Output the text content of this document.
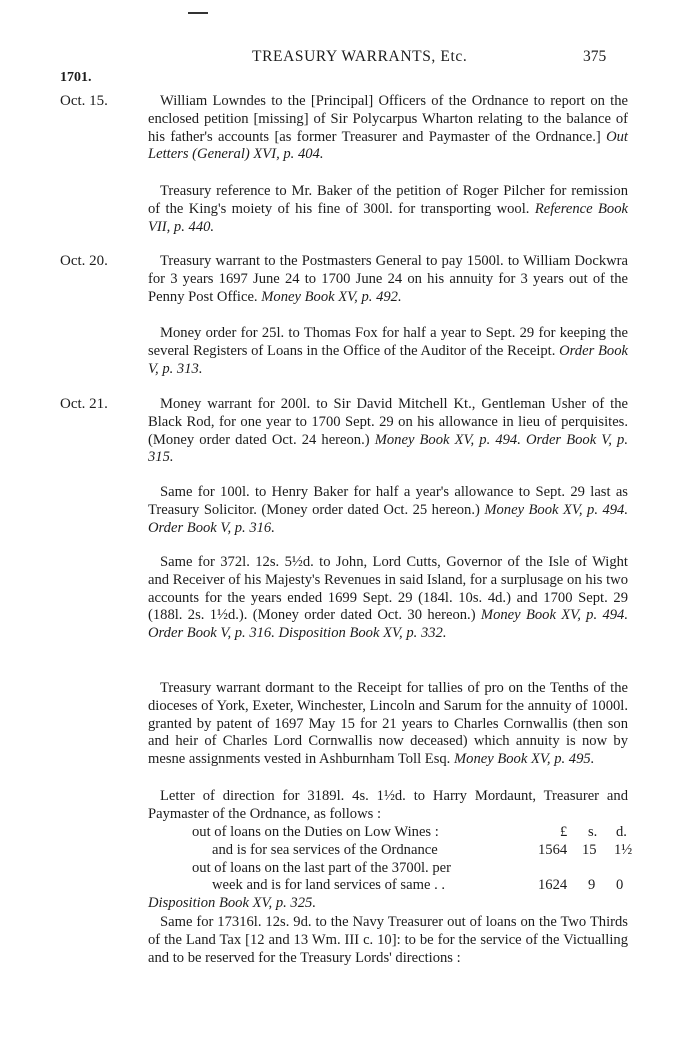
TREASURY WARRANTS, Etc.	375
1701.
Oct. 15.	William Lowndes to the [Principal] Officers of the Ordnance to report on the enclosed petition [missing] of Sir Polycarpus Wharton relating to the balance of his father's accounts [as former Treasurer and Paymaster of the Ordnance.] Out Letters (General) XVI, p. 404.
Treasury reference to Mr. Baker of the petition of Roger Pilcher for remission of the King's moiety of his fine of 300l. for transporting wool. Reference Book VII, p. 440.
Oct. 20.	Treasury warrant to the Postmasters General to pay 1500l. to William Dockwra for 3 years 1697 June 24 to 1700 June 24 on his annuity for 3 years out of the Penny Post Office. Money Book XV, p. 492.
Money order for 25l. to Thomas Fox for half a year to Sept. 29 for keeping the several Registers of Loans in the Office of the Auditor of the Receipt. Order Book V, p. 313.
Oct. 21.	Money warrant for 200l. to Sir David Mitchell Kt., Gentleman Usher of the Black Rod, for one year to 1700 Sept. 29 on his allowance in lieu of perquisites. (Money order dated Oct. 24 hereon.) Money Book XV, p. 494. Order Book V, p. 315.
Same for 100l. to Henry Baker for half a year's allowance to Sept. 29 last as Treasury Solicitor. (Money order dated Oct. 25 hereon.) Money Book XV, p. 494. Order Book V, p. 316.
Same for 372l. 12s. 5½d. to John, Lord Cutts, Governor of the Isle of Wight and Receiver of his Majesty's Revenues in said Island, for a surplusage on his two accounts for the years ended 1699 Sept. 29 (184l. 10s. 4d.) and 1700 Sept. 29 (188l. 2s. 1½d.). (Money order dated Oct. 30 hereon.) Money Book XV, p. 494. Order Book V, p. 316. Disposition Book XV, p. 332.
Treasury warrant dormant to the Receipt for tallies of pro on the Tenths of the dioceses of York, Exeter, Winchester, Lincoln and Sarum for the annuity of 1000l. granted by patent of 1697 May 15 for 21 years to Charles Cornwallis (then son and heir of Charles Lord Cornwallis now deceased) which annuity is now by mesne assignments vested in Ashburnham Toll Esq. Money Book XV, p. 495.
Letter of direction for 3189l. 4s. 1½d. to Harry Mordaunt, Treasurer and Paymaster of the Ordnance, as follows :
out of loans on the Duties on Low Wines :	£ s. d.
and is for sea services of the Ordnance	1564 15 1½
out of loans on the last part of the 3700l. per
week and is for land services of same . .	1624 9 0
Disposition Book XV, p. 325.
Same for 17316l. 12s. 9d. to the Navy Treasurer out of loans on the Two Thirds of the Land Tax [12 and 13 Wm. III c. 10]: to be for the service of the Victualling and to be reserved for the Treasury Lords' directions :
